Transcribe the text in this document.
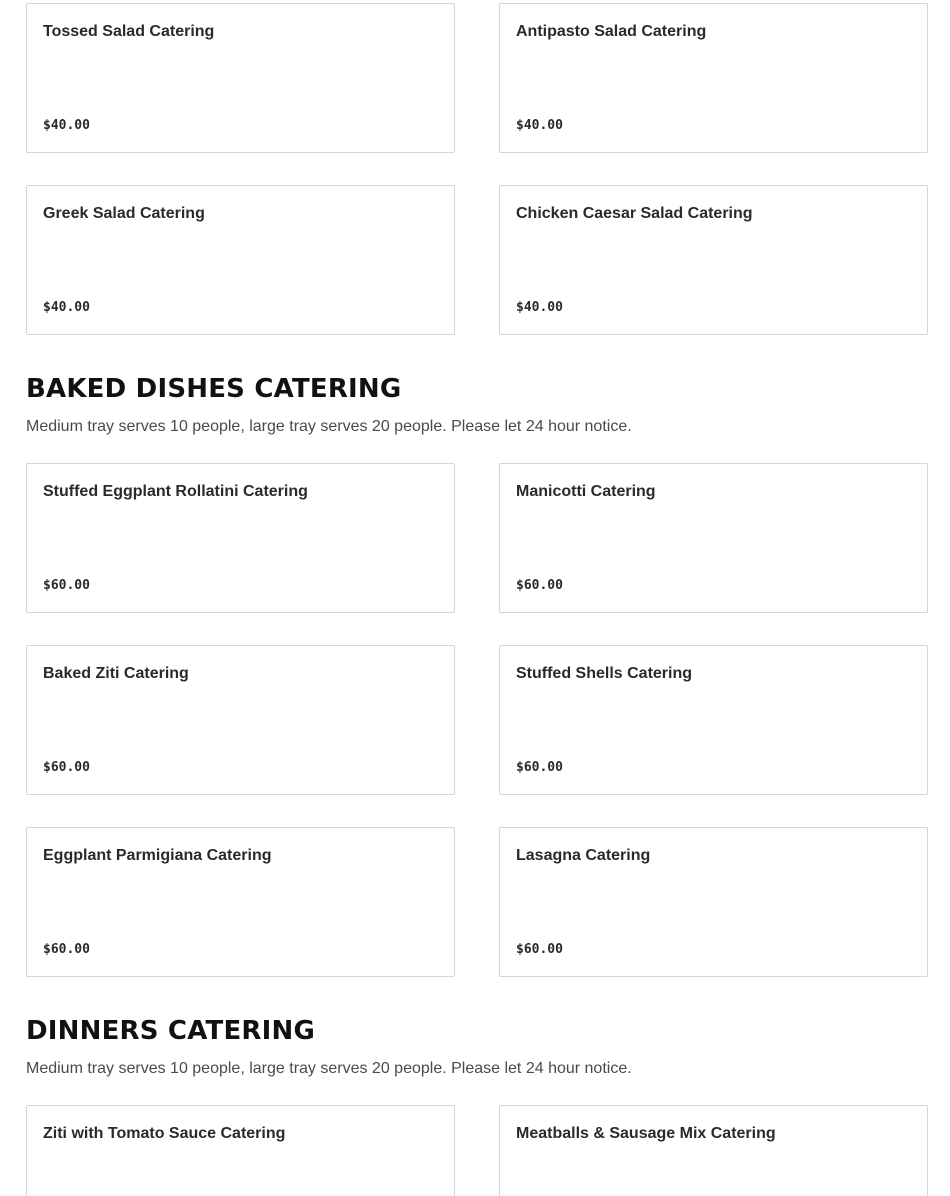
Tossed Salad Catering
$40.00
Antipasto Salad Catering
$40.00
Greek Salad Catering
$40.00
Chicken Caesar Salad Catering
$40.00
BAKED DISHES CATERING

Medium tray serves 10 people, large tray serves 20 people. Please let 24 hour notice.

Stuffed Eggplant Rollatini Catering
$60.00
Manicotti Catering
$60.00
Baked Ziti Catering
$60.00
Stuffed Shells Catering
$60.00
Eggplant Parmigiana Catering
$60.00
Lasagna Catering
$60.00
DINNERS CATERING

Medium tray serves 10 people, large tray serves 20 people. Please let 24 hour notice.

Ziti with Tomato Sauce Catering	Meatballs & Sausage Mix Catering
